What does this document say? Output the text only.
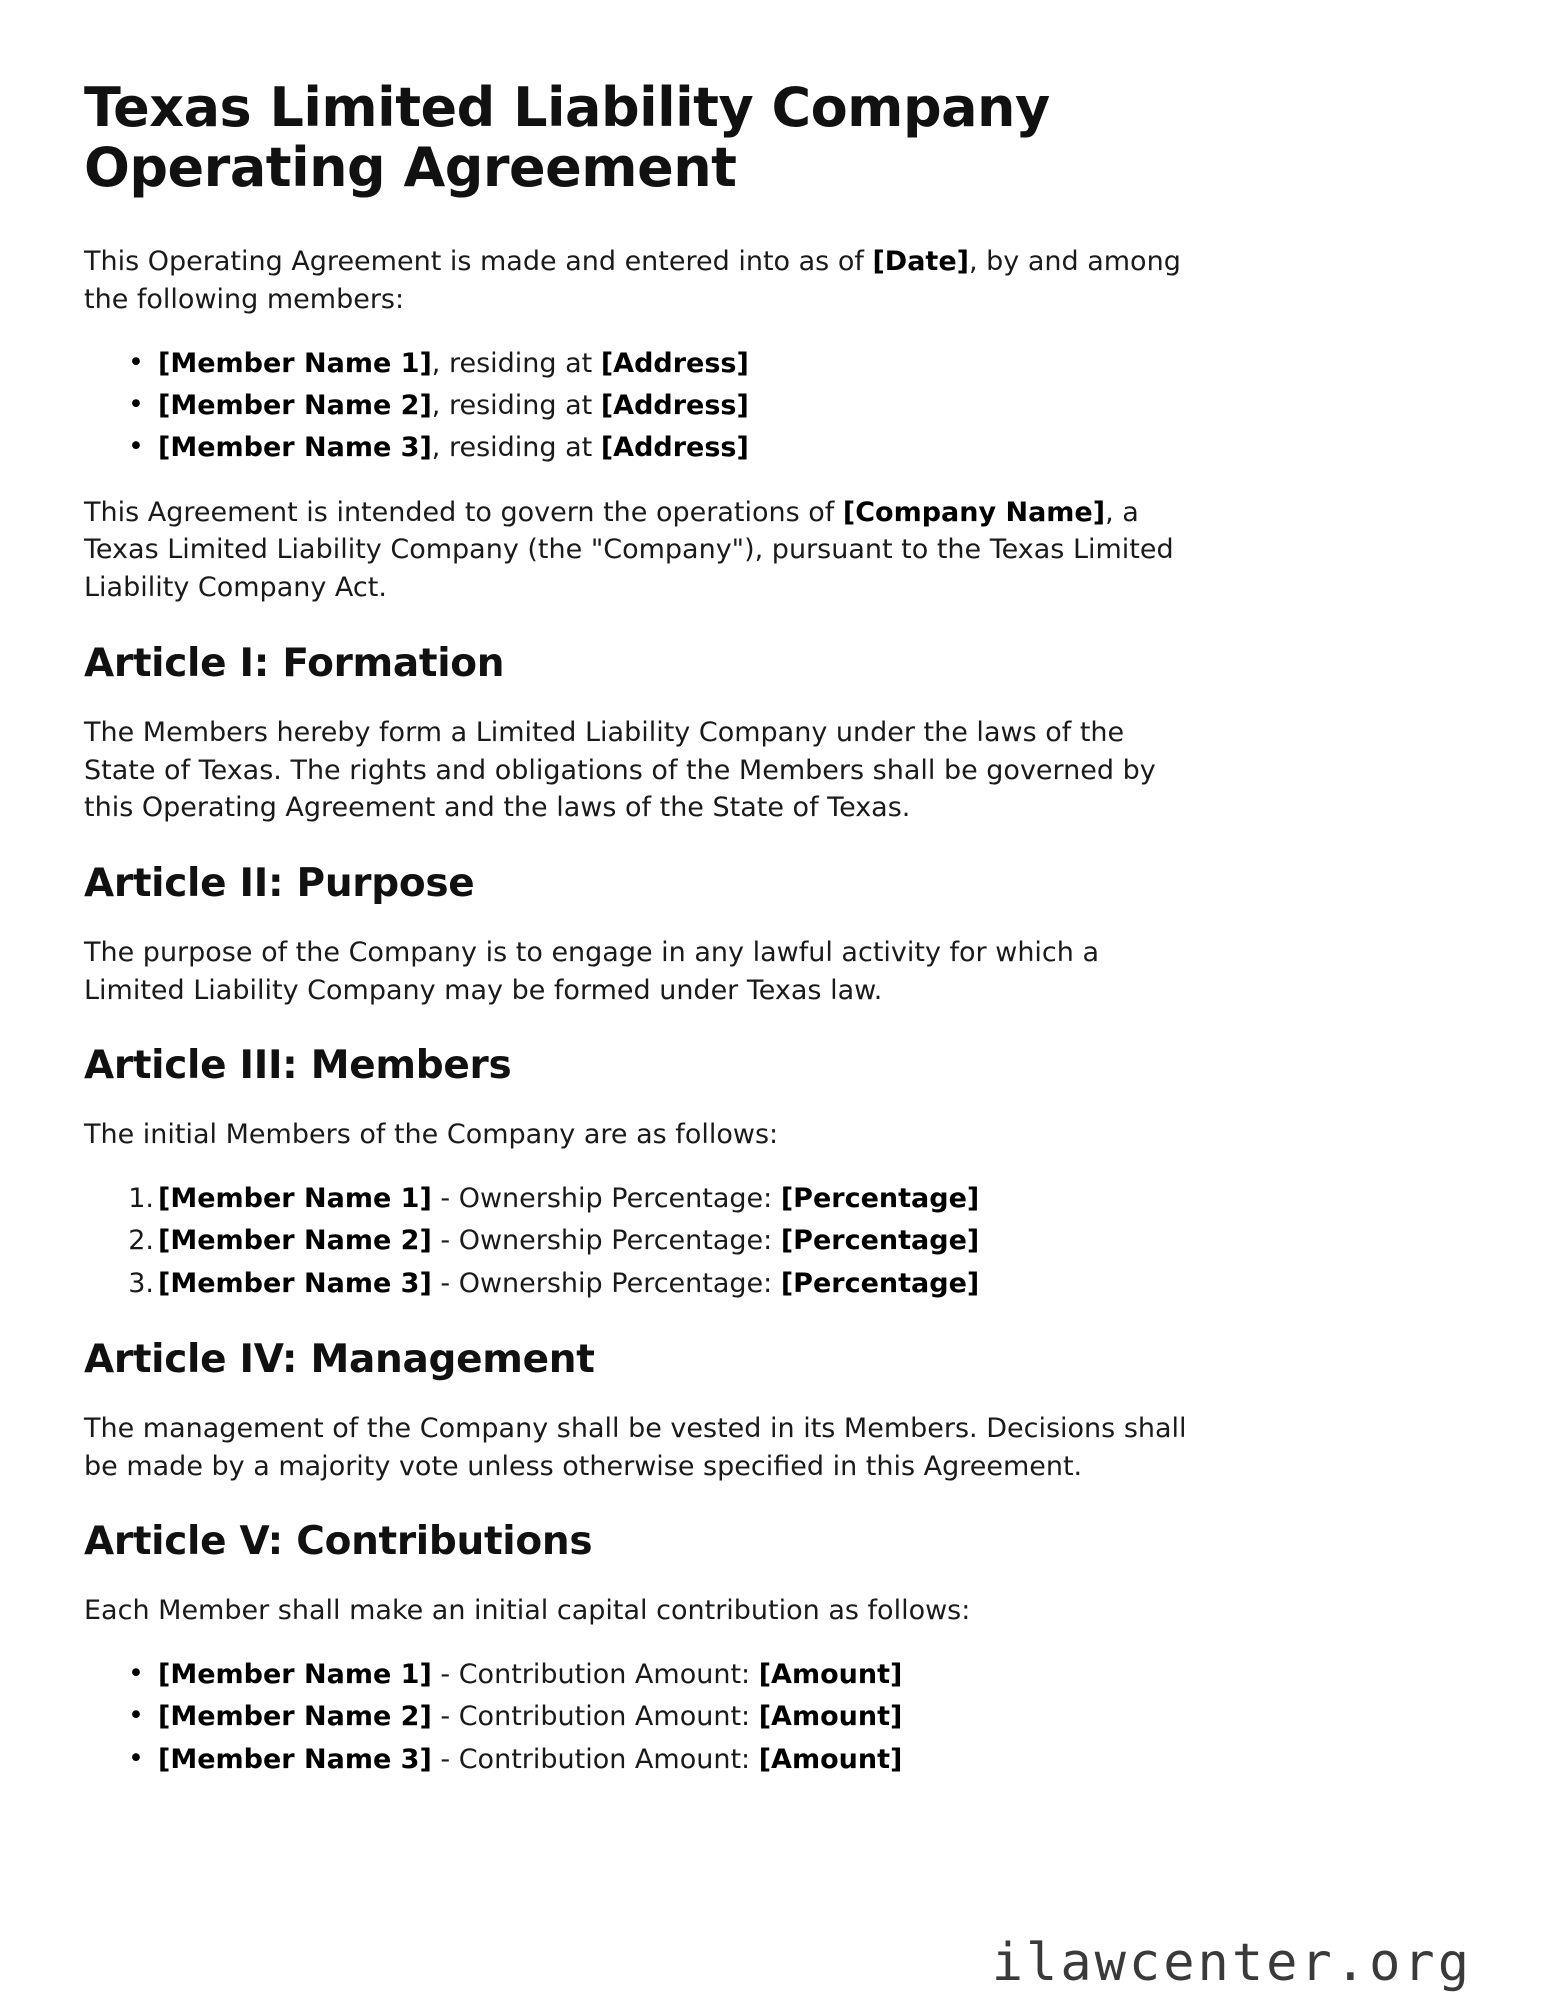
Texas Limited Liability Company Operating Agreement

This Operating Agreement is made and entered into as of [Date], by and among the following members:

• [Member Name 1], residing at [Address]
• [Member Name 2], residing at [Address]
• [Member Name 3], residing at [Address]

This Agreement is intended to govern the operations of [Company Name], a Texas Limited Liability Company (the "Company"), pursuant to the Texas Limited Liability Company Act.

Article I: Formation

The Members hereby form a Limited Liability Company under the laws of the State of Texas. The rights and obligations of the Members shall be governed by this Operating Agreement and the laws of the State of Texas.

Article II: Purpose

The purpose of the Company is to engage in any lawful activity for which a Limited Liability Company may be formed under Texas law.

Article III: Members

The initial Members of the Company are as follows:

[Member Name 1] - Ownership Percentage: [Percentage]
[Member Name 2] - Ownership Percentage: [Percentage]
[Member Name 3] - Ownership Percentage: [Percentage]
Article IV: Management

The management of the Company shall be vested in its Members. Decisions shall be made by a majority vote unless otherwise specified in this Agreement.

Article V: Contributions

Each Member shall make an initial capital contribution as follows:

• [Member Name 1] - Contribution Amount: [Amount]
• [Member Name 2] - Contribution Amount: [Amount]
• [Member Name 3] - Contribution Amount: [Amount]
ilawcenter.org
